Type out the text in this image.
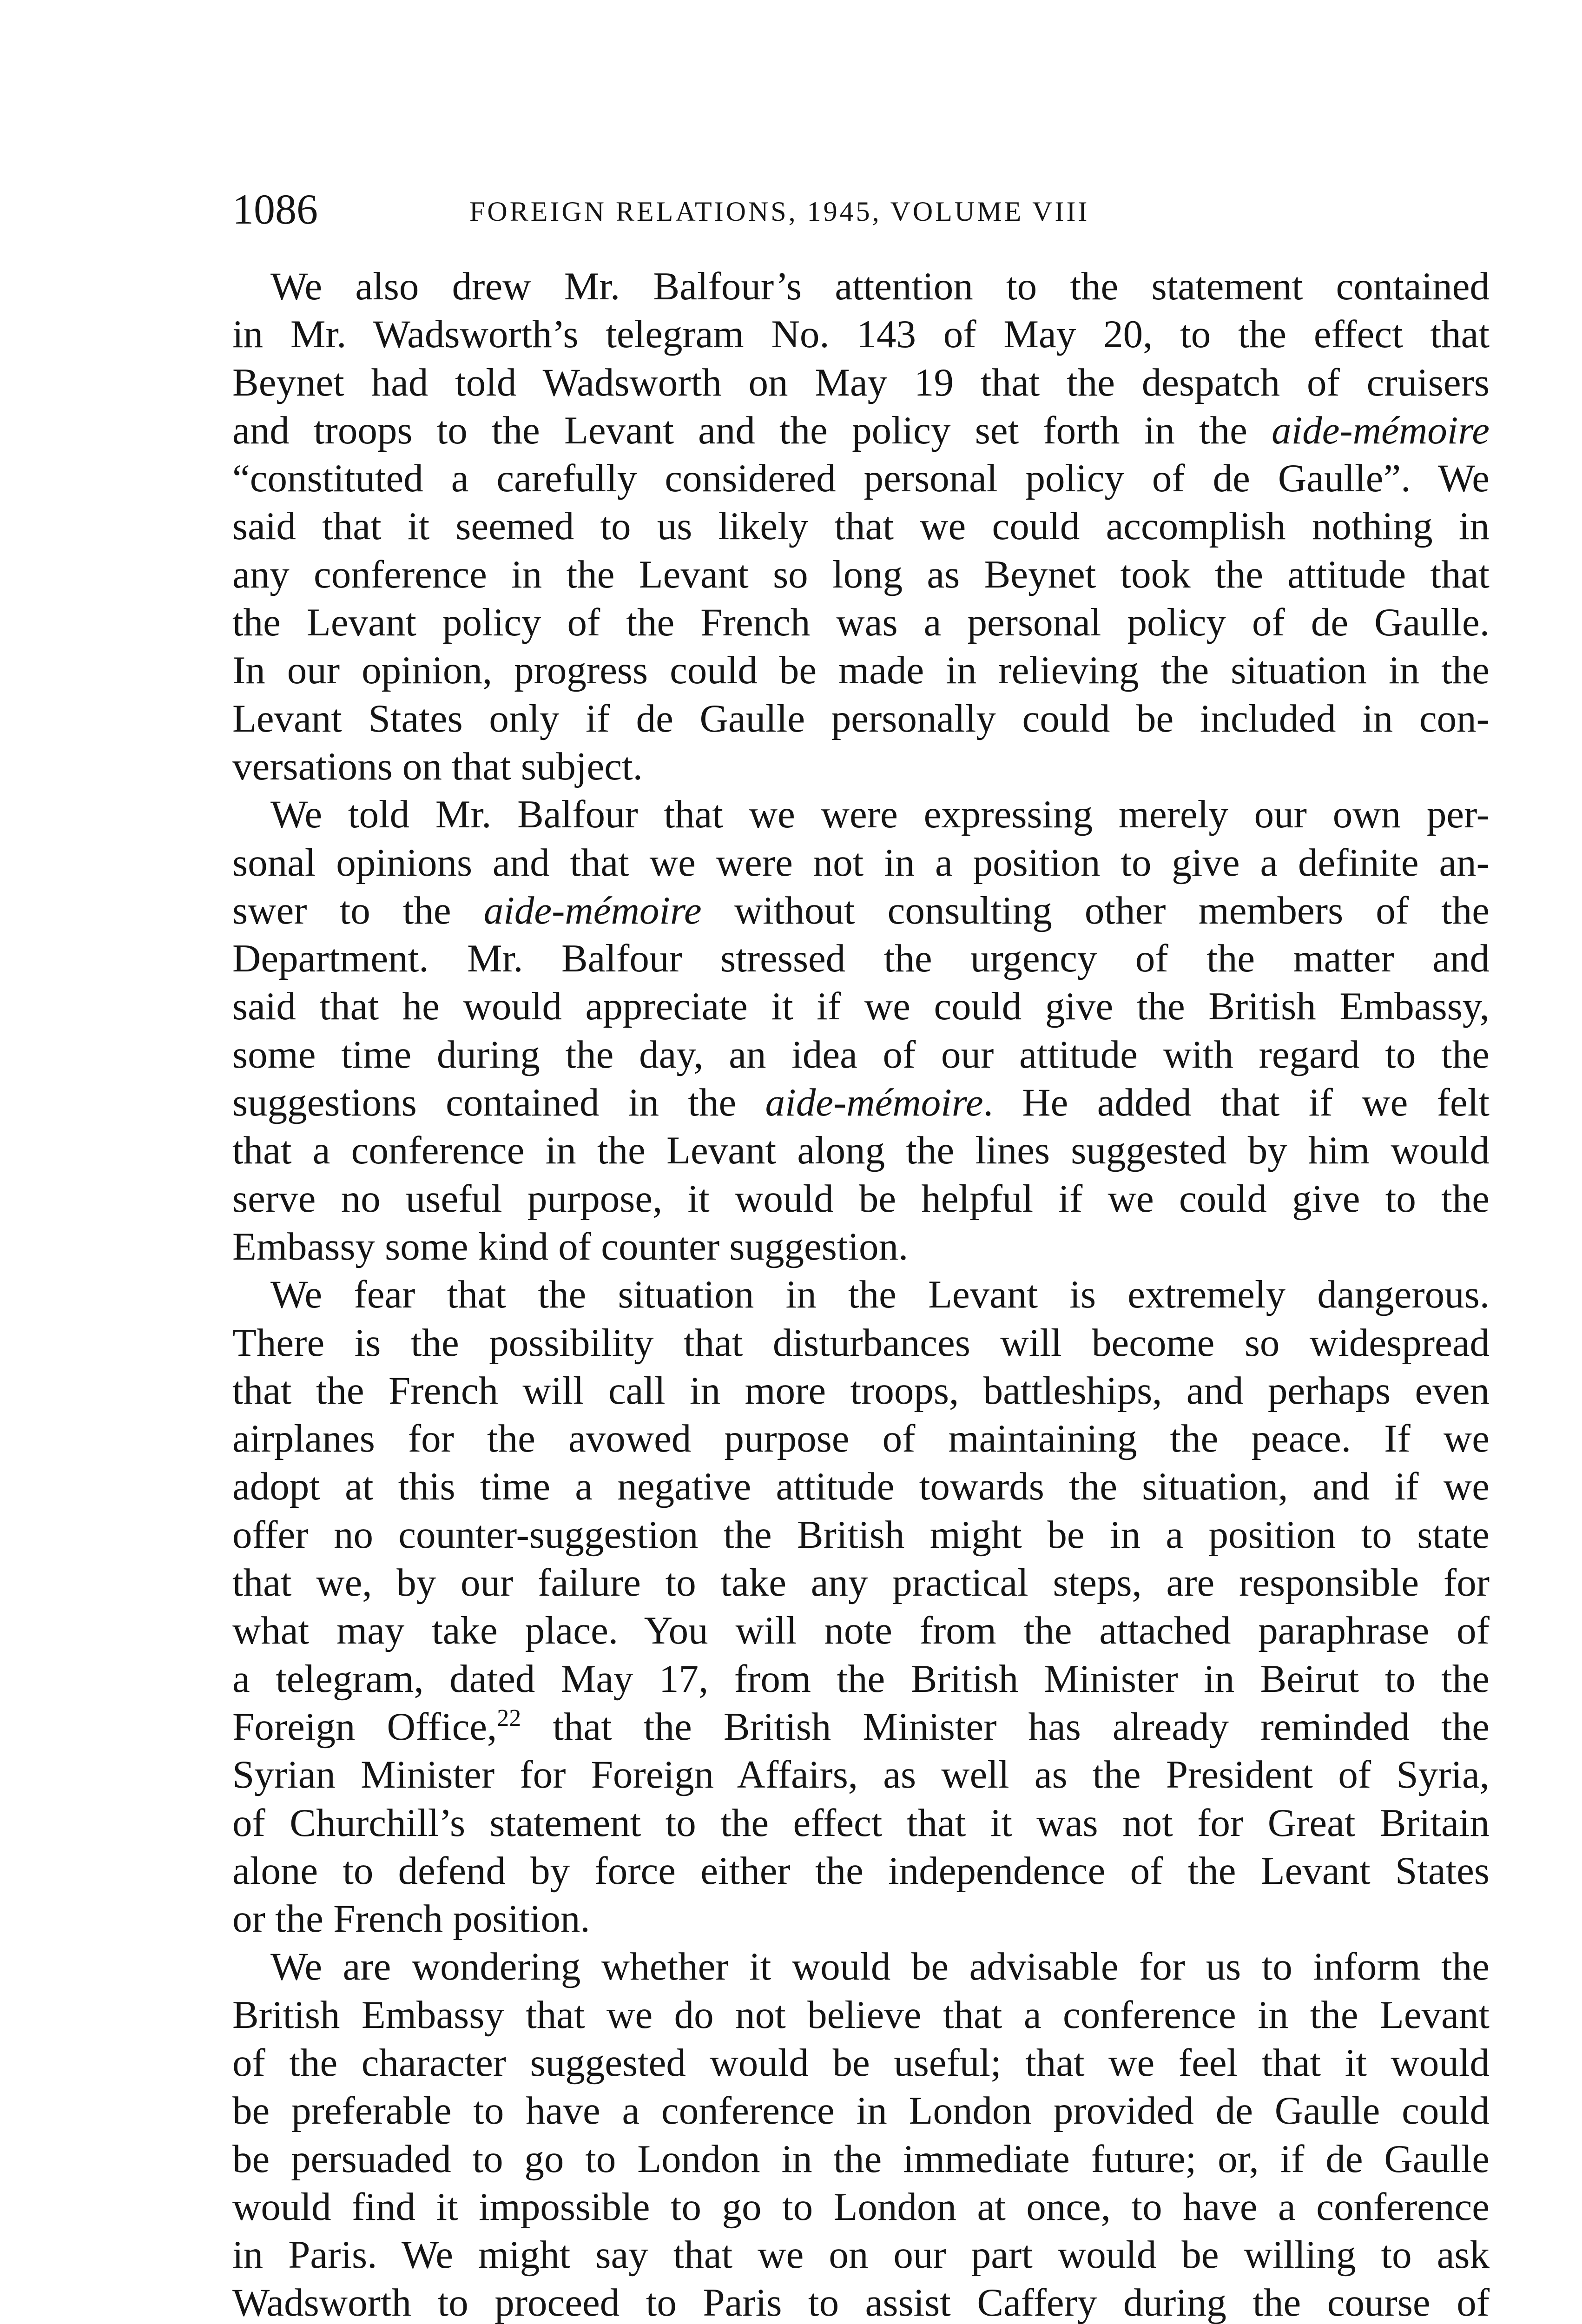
1086	FOREIGN RELATIONS, 1945, VOLUME VIII

We also drew Mr. Balfour’s attention to the statement contained
in Mr. Wadsworth’s telegram No. 143 of May 20, to the effect that
Beynet had told Wadsworth on May 19 that the despatch of cruisers
and troops to the Levant and the policy set forth in the aide-mémoire
“constituted a carefully considered personal policy of de Gaulle”. We
said that it seemed to us likely that we could accomplish nothing in
any conference in the Levant so long as Beynet took the attitude that
the Levant policy of the French was a personal policy of de Gaulle.
In our opinion, progress could be made in relieving the situation in the
Levant States only if de Gaulle personally could be included in con-
versations on that subject.

We told Mr. Balfour that we were expressing merely our own per-
sonal opinions and that we were not in a position to give a definite an-
swer to the aide-mémoire without consulting other members of the
Department. Mr. Balfour stressed the urgency of the matter and
said that he would appreciate it if we could give the British Embassy,
some time during the day, an idea of our attitude with regard to the
suggestions contained in the aide-mémoire. He added that if we felt
that a conference in the Levant along the lines suggested by him would
serve no useful purpose, it would be helpful if we could give to the
Embassy some kind of counter suggestion.

We fear that the situation in the Levant is extremely dangerous.
There is the possibility that disturbances will become so widespread
that the French will call in more troops, battleships, and perhaps even
airplanes for the avowed purpose of maintaining the peace. If we
adopt at this time a negative attitude towards the situation, and if we
offer no counter-suggestion the British might be in a position to state
that we, by our failure to take any practical steps, are responsible for
what may take place. You will note from the attached paraphrase of
a telegram, dated May 17, from the British Minister in Beirut to the
Foreign Office,$^{22}$ that the British Minister has already reminded the
Syrian Minister for Foreign Affairs, as well as the President of Syria,
of Churchill’s statement to the effect that it was not for Great Britain
alone to defend by force either the independence of the Levant States
or the French position.

We are wondering whether it would be advisable for us to inform the
British Embassy that we do not believe that a conference in the Levant
of the character suggested would be useful; that we feel that it would
be preferable to have a conference in London provided de Gaulle could
be persuaded to go to London in the immediate future; or, if de Gaulle
would find it impossible to go to London at once, to have a conference
in Paris. We might say that we on our part would be willing to ask
Wadsworth to proceed to Paris to assist Caffery during the course of
